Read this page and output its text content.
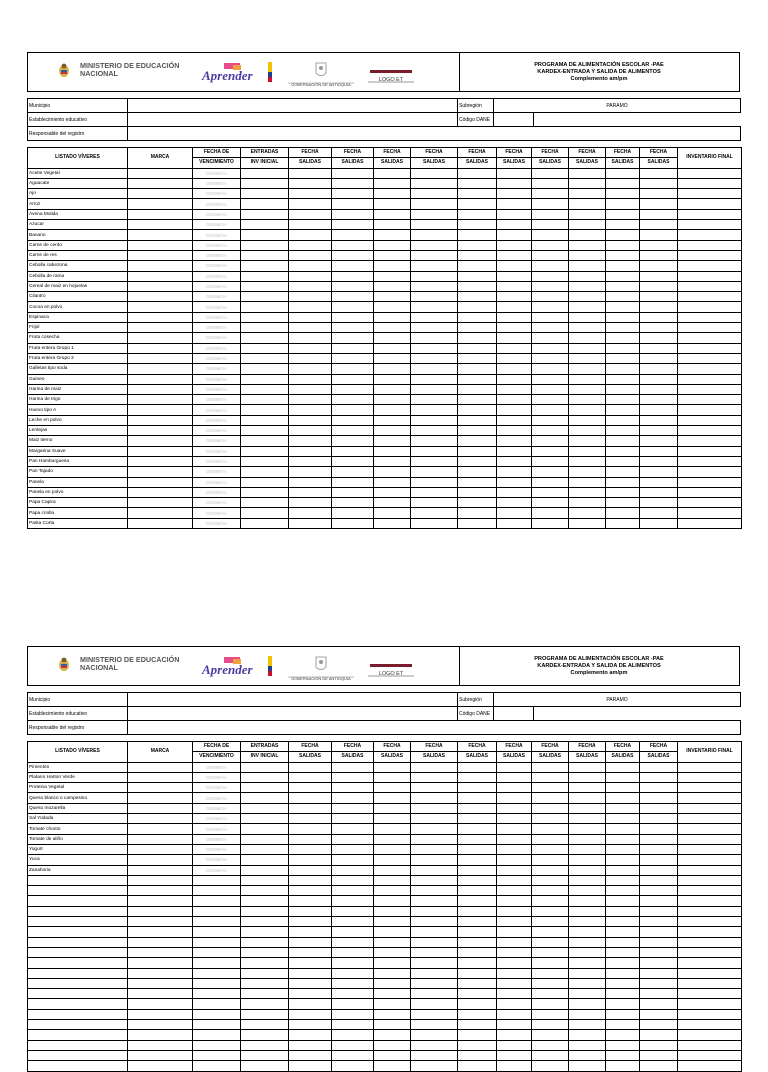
MINISTERIO DE EDUCACIÓN
NACIONAL	Aprender
GOBERNACIÓN DE ANTIOQUIA
LOGO ET
PROGRAMA DE ALIMENTACIÓN ESCOLAR -PAE
KARDEX-ENTRADA Y SALIDA DE ALIMENTOS
Complemento am/pm
Municipio		Subregión	PARAMO	
Establecimiento educativo		Código DANE		
Responsable del registro				
LISTADO VÍVERES	MARCA	FECHA DE	ENTRADAS	FECHA	FECHA	FECHA	FECHA	FECHA	FECHA	FECHA	FECHA	FECHA	FECHA	INVENTARIO FINAL
		VENCIMIENTO	INV INICIAL	SALIDAS	SALIDAS	SALIDAS	SALIDAS	SALIDAS	SALIDAS	SALIDAS	SALIDAS	SALIDAS	SALIDAS	
Aceite Vegetal		DD/MM/AA												
Aguacate		DD/MM/AA												
Ajo		DD/MM/AA												
Arroz		DD/MM/AA												
Avena Molida		DD/MM/AA												
Azucar		DD/MM/AA												
Banano		DD/MM/AA												
Carne de cerdo		DD/MM/AA												
Carne de res		DD/MM/AA												
Cebolla cabezona		DD/MM/AA												
Cebolla de rama		DD/MM/AA												
Cereal de maiz en hojuelas		DD/MM/AA												
Cilantro		DD/MM/AA												
Cocoa en polvo		DD/MM/AA												
Espinaca		DD/MM/AA												
Frijol		DD/MM/AA												
Fruta cosecha		DD/MM/AA												
Fruta entera Grupo 1		DD/MM/AA												
Fruta entera Grupo 2		DD/MM/AA												
Galletas tipo soda		DD/MM/AA												
Guineo		DD/MM/AA												
Harina de maiz		DD/MM/AA												
Harina de trigo		DD/MM/AA												
Huevo tipo A		DD/MM/AA												
Leche en polvo		DD/MM/AA												
Lentejas		DD/MM/AA												
Maiz tierno		DD/MM/AA												
Margarina Suave		DD/MM/AA												
Pan Hamburguesa		DD/MM/AA												
Pan Tajado		DD/MM/AA												
Panela		DD/MM/AA												
Panela en polvo		DD/MM/AA												
Papa Capira		DD/MM/AA												
Papa criolla		DD/MM/AA												
Pasta Corta		DD/MM/AA												
MINISTERIO DE EDUCACIÓN
NACIONAL	Aprender
GOBERNACIÓN DE ANTIOQUIA
LOGO ET
PROGRAMA DE ALIMENTACIÓN ESCOLAR -PAE
KARDEX-ENTRADA Y SALIDA DE ALIMENTOS
Complemento am/pm
Municipio		Subregión	PARAMO	
Establecimiento educativo		Código DANE		
Responsable del registro				
LISTADO VÍVERES	MARCA	FECHA DE	ENTRADAS	FECHA	FECHA	FECHA	FECHA	FECHA	FECHA	FECHA	FECHA	FECHA	FECHA	INVENTARIO FINAL
		VENCIMIENTO	INV INICIAL	SALIDAS	SALIDAS	SALIDAS	SALIDAS	SALIDAS	SALIDAS	SALIDAS	SALIDAS	SALIDAS	SALIDAS	
Pimentón		DD/MM/AA												
Platano Harton Verde		DD/MM/AA												
Proteina Vegetal		DD/MM/AA												
Queso blanco o campesino		DD/MM/AA												
Queso mozarella		DD/MM/AA												
Sal Yodada		DD/MM/AA												
Tomate chonto		DD/MM/AA												
Tomate de aliño		DD/MM/AA												
Yogurt		DD/MM/AA												
Yuca		DD/MM/AA												
Zanahoria		DD/MM/AA												
